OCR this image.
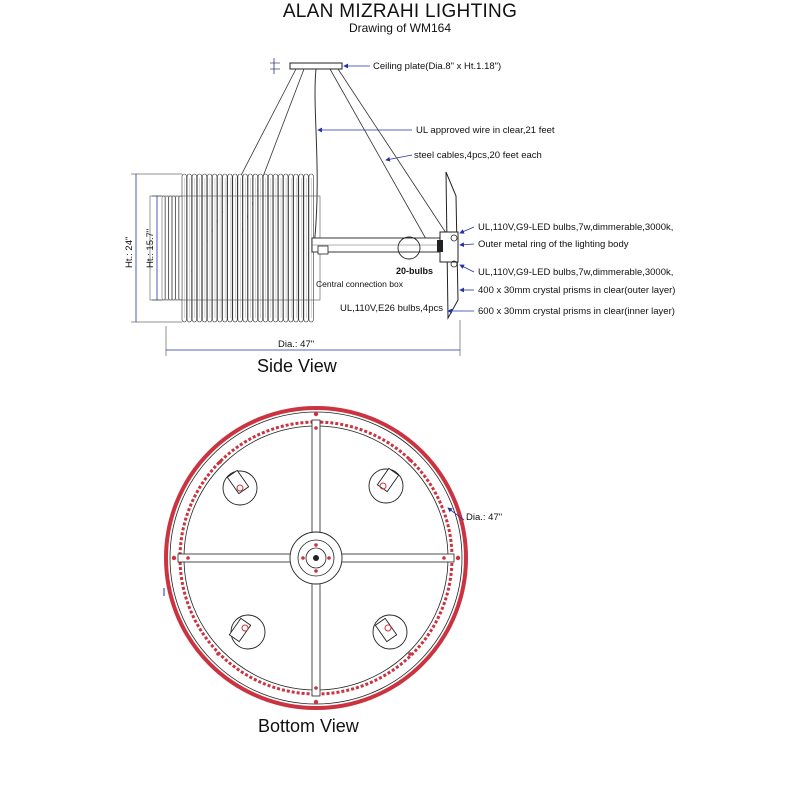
ALAN MIZRAHI LIGHTING
Drawing of WM164
Ht.: 24" Ht.: 15.7"
Dia.: 47"
Ceiling plate(Dia.8" x Ht.1.18")
UL approved wire in clear,21 feet
steel cables,4pcs,20 feet each
UL,110V,G9-LED bulbs,7w,dimmerable,3000k,
Outer metal ring of the lighting body
UL,110V,G9-LED bulbs,7w,dimmerable,3000k,
400 x 30mm crystal prisms in clear(outer layer)
600 x 30mm crystal prisms in clear(inner layer)
Central connection box
20-bulbs
UL,110V,E26 bulbs,4pcs
Side View
Dia.: 47"
Bottom View
